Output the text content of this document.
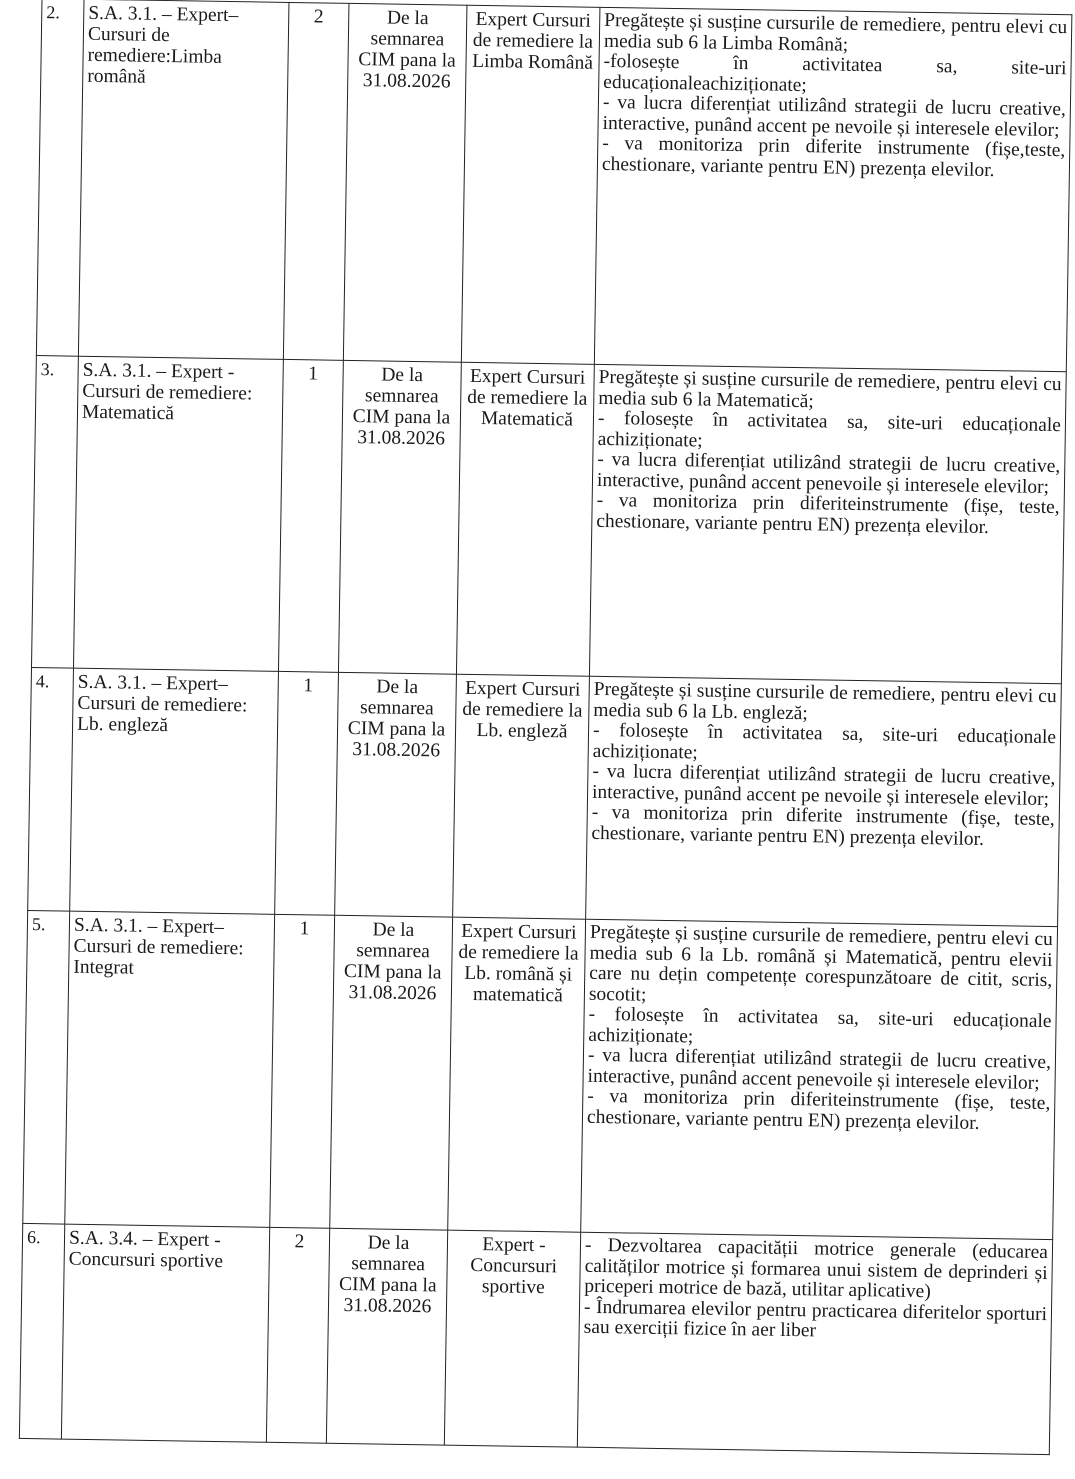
2.	S.A. 3.1. – Expert– Cursuri de remediere:Limba română	2	De la semnarea CIM pana la 31.08.2026	Expert Cursuri de remediere la Limba Română	Pregătește și susține cursurile de remediere, pentru elevi cu media sub 6 la Limba Română;
-folosește în activitatea sa, site-uri educaționaleachiziționate;
- va lucra diferențiat utilizând strategii de lucru creative, interactive, punând accent pe nevoile și interesele elevilor;
- va monitoriza prin diferite instrumente (fișe,teste, chestionare, variante pentru EN) prezența elevilor.
3.	S.A. 3.1. – Expert - Cursuri de remediere: Matematică	1	De la semnarea CIM pana la 31.08.2026	Expert Cursuri de remediere la Matematică	Pregătește și susține cursurile de remediere, pentru elevi cu media sub 6 la Matematică;
- folosește în activitatea sa, site-uri educaționale achiziționate;
- va lucra diferențiat utilizând strategii de lucru creative, interactive, punând accent penevoile și interesele elevilor;
- va monitoriza prin diferiteinstrumente (fișe, teste, chestionare, variante pentru EN) prezența elevilor.
4.	S.A. 3.1. – Expert– Cursuri de remediere: Lb. engleză	1	De la semnarea CIM pana la 31.08.2026	Expert Cursuri de remediere la Lb. engleză	Pregătește și susține cursurile de remediere, pentru elevi cu media sub 6 la Lb. engleză;
- folosește în activitatea sa, site-uri educaționale achiziționate;
- va lucra diferențiat utilizând strategii de lucru creative, interactive, punând accent pe nevoile și interesele elevilor;
- va monitoriza prin diferite instrumente (fișe, teste, chestionare, variante pentru EN) prezența elevilor.
5.	S.A. 3.1. – Expert– Cursuri de remediere: Integrat	1	De la semnarea CIM pana la 31.08.2026	Expert Cursuri de remediere la Lb. română și matematică	Pregătește și susține cursurile de remediere, pentru elevi cu media sub 6 la Lb. română și Matematică, pentru elevii care nu dețin competențe corespunzătoare de citit, scris, socotit;
- folosește în activitatea sa, site-uri educaționale achiziționate;
- va lucra diferențiat utilizând strategii de lucru creative, interactive, punând accent penevoile și interesele elevilor;
- va monitoriza prin diferiteinstrumente (fișe, teste, chestionare, variante pentru EN) prezența elevilor.
6.	S.A. 3.4. – Expert - Concursuri sportive	2	De la semnarea CIM pana la 31.08.2026	Expert - Concursuri sportive	- Dezvoltarea capacității motrice generale (educarea calităților motrice și formarea unui sistem de deprinderi și priceperi motrice de bază, utilitar aplicative)
- Îndrumarea elevilor pentru practicarea diferitelor sporturi sau exerciții fizice în aer liber
